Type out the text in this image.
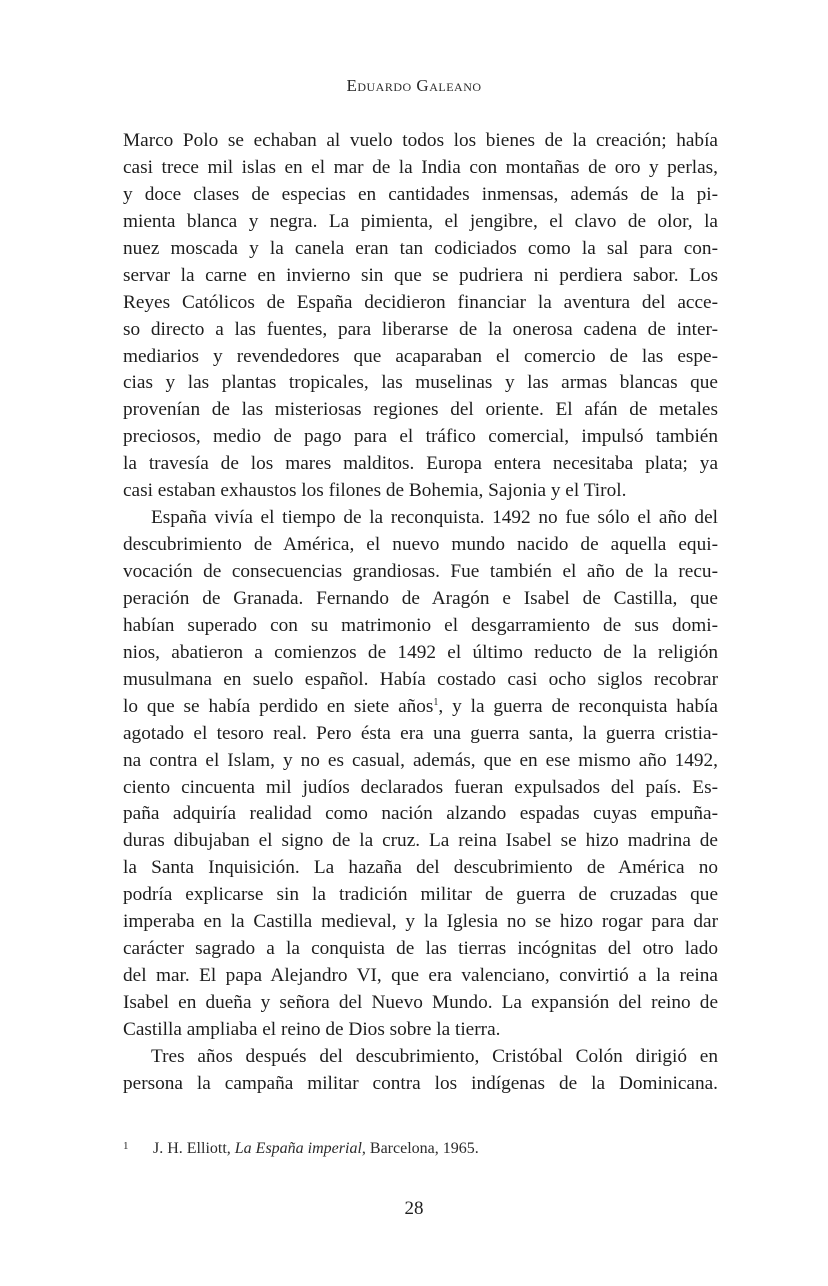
Eduardo Galeano
Marco Polo se echaban al vuelo todos los bienes de la creación; había
casi trece mil islas en el mar de la India con montañas de oro y perlas,
y doce clases de especias en cantidades inmensas, además de la pi-
mienta blanca y negra. La pimienta, el jengibre, el clavo de olor, la
nuez moscada y la canela eran tan codiciados como la sal para con-
servar la carne en invierno sin que se pudriera ni perdiera sabor. Los
Reyes Católicos de España decidieron financiar la aventura del acce-
so directo a las fuentes, para liberarse de la onerosa cadena de inter-
mediarios y revendedores que acaparaban el comercio de las espe-
cias y las plantas tropicales, las muselinas y las armas blancas que
provenían de las misteriosas regiones del oriente. El afán de metales
preciosos, medio de pago para el tráfico comercial, impulsó también
la travesía de los mares malditos. Europa entera necesitaba plata; ya
casi estaban exhaustos los filones de Bohemia, Sajonia y el Tirol.
España vivía el tiempo de la reconquista. 1492 no fue sólo el año del
descubrimiento de América, el nuevo mundo nacido de aquella equi-
vocación de consecuencias grandiosas. Fue también el año de la recu-
peración de Granada. Fernando de Aragón e Isabel de Castilla, que
habían superado con su matrimonio el desgarramiento de sus domi-
nios, abatieron a comienzos de 1492 el último reducto de la religión
musulmana en suelo español. Había costado casi ocho siglos recobrar
lo que se había perdido en siete años$^1$, y la guerra de reconquista había
agotado el tesoro real. Pero ésta era una guerra santa, la guerra cristia-
na contra el Islam, y no es casual, además, que en ese mismo año 1492,
ciento cincuenta mil judíos declarados fueran expulsados del país. Es-
paña adquiría realidad como nación alzando espadas cuyas empuña-
duras dibujaban el signo de la cruz. La reina Isabel se hizo madrina de
la Santa Inquisición. La hazaña del descubrimiento de América no
podría explicarse sin la tradición militar de guerra de cruzadas que
imperaba en la Castilla medieval, y la Iglesia no se hizo rogar para dar
carácter sagrado a la conquista de las tierras incógnitas del otro lado
del mar. El papa Alejandro VI, que era valenciano, convirtió a la reina
Isabel en dueña y señora del Nuevo Mundo. La expansión del reino de
Castilla ampliaba el reino de Dios sobre la tierra.
Tres años después del descubrimiento, Cristóbal Colón dirigió en
persona la campaña militar contra los indígenas de la Dominicana.
1 J. H. Elliott, La España imperial, Barcelona, 1965.
28
